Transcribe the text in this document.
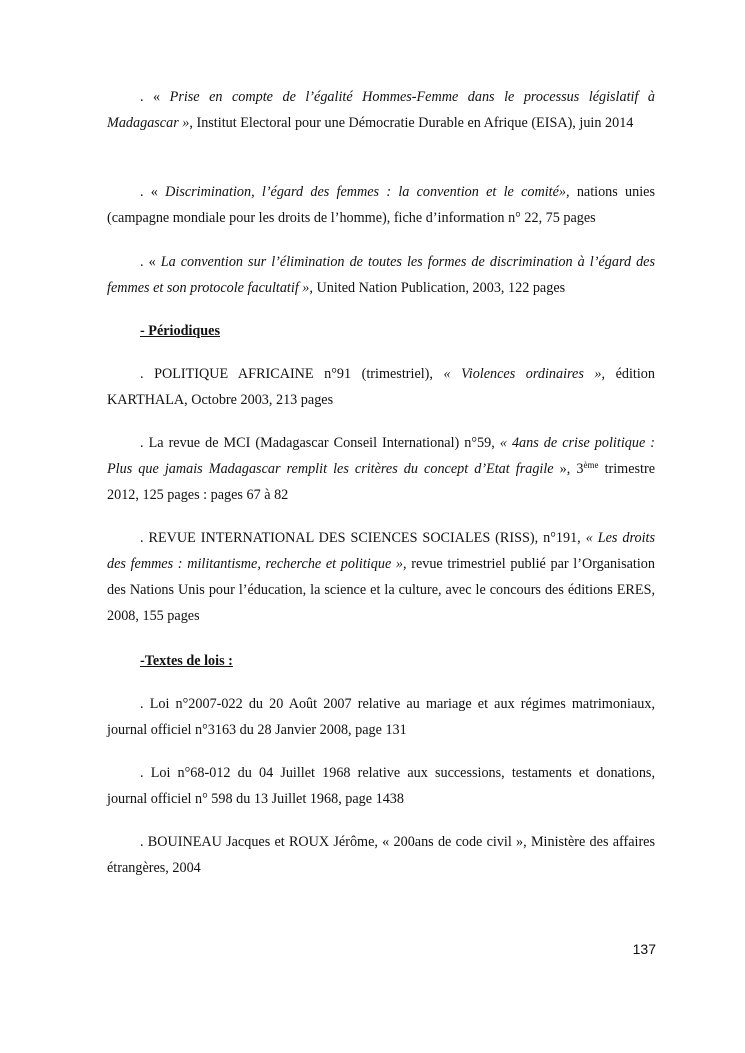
. « Prise en compte de l’égalité Hommes-Femme dans le processus législatif à Madagascar », Institut Electoral pour une Démocratie Durable en Afrique (EISA), juin 2014

. « Discrimination, l’égard des femmes : la convention et le comité», nations unies (campagne mondiale pour les droits de l’homme), fiche d’information n° 22, 75 pages

. « La convention sur l’élimination de toutes les formes de discrimination à l’égard des femmes et son protocole facultatif », United Nation Publication, 2003, 122 pages

- Périodiques

. POLITIQUE AFRICAINE n°91 (trimestriel), « Violences ordinaires », édition KARTHALA, Octobre 2003, 213 pages

. La revue de MCI (Madagascar Conseil International) n°59, « 4ans de crise politique : Plus que jamais Madagascar remplit les critères du concept d’Etat fragile », 3ème trimestre 2012, 125 pages : pages 67 à 82

. REVUE INTERNATIONAL DES SCIENCES SOCIALES (RISS), n°191, « Les droits des femmes : militantisme, recherche et politique », revue trimestriel publié par l’Organisation des Nations Unis pour l’éducation, la science et la culture, avec le concours des éditions ERES, 2008, 155 pages

-Textes de lois :

. Loi n°2007-022 du 20 Août 2007 relative au mariage et aux régimes matrimoniaux, journal officiel n°3163 du 28 Janvier 2008, page 131

. Loi n°68-012 du 04 Juillet 1968 relative aux successions, testaments et donations, journal officiel n° 598 du 13 Juillet 1968, page 1438

. BOUINEAU Jacques et ROUX Jérôme, « 200ans de code civil », Ministère des affaires étrangères, 2004

137
